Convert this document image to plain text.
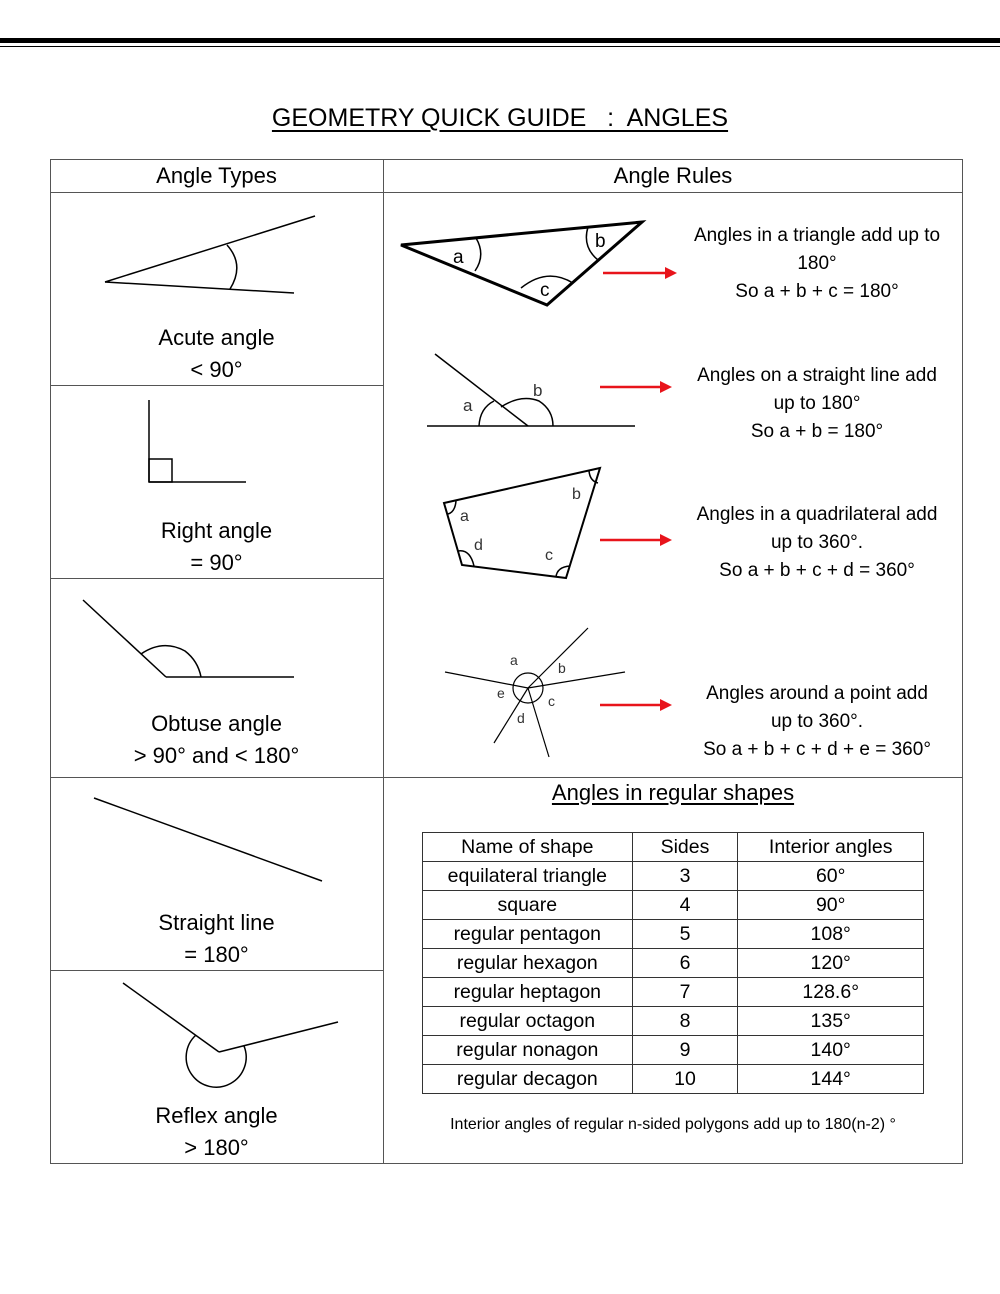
GEOMETRY QUICK GUIDE   :  ANGLES
Angle Types	Angle Rules
Acute angle
< 90°
Right angle
= 90°
Obtuse angle
> 90° and < 180°
Straight line
= 180°
Reflex angle
> 180°
a
b
c
Angles in a triangle add up to
180°
So a + b + c = 180°
a
b
Angles on a straight line add
up to 180°
So a + b = 180°
a
b
c
d
Angles in a quadrilateral add
up to 360°.
So a + b + c + d = 360°
a	b
c
d
e	Angles around a point add
up to 360°.
So a + b + c + d + e = 360°
Angles in regular shapes
Name of shape	Sides	Interior angles
equilateral triangle	3	60°
square	4	90°
regular pentagon	5	108°
regular hexagon	6	120°
regular heptagon	7	128.6°
regular octagon	8	135°
regular nonagon	9	140°
regular decagon	10	144°
Interior angles of regular n-sided polygons add up to 180(n-2) °
